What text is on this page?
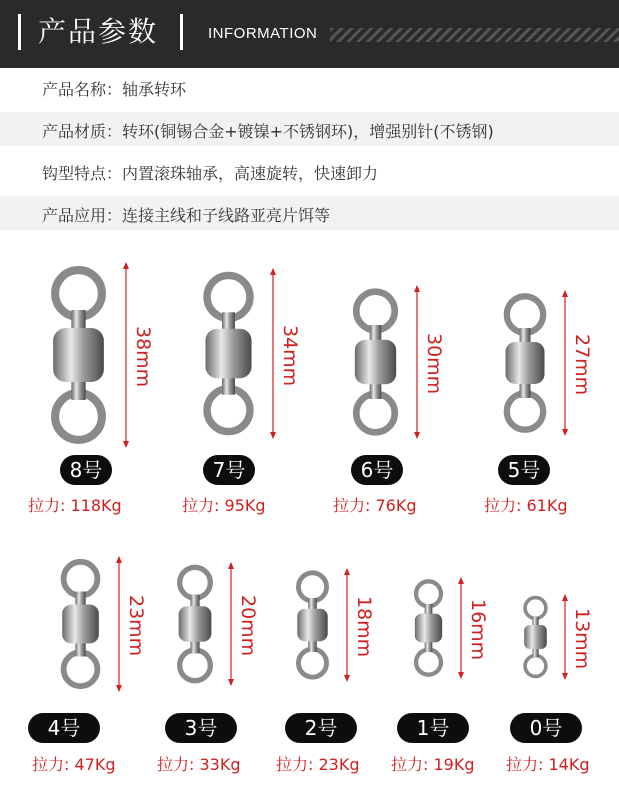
产品参数	INFORMATION
产品名称：轴承转环
产品材质：转环(铜锡合金+镀镍+不锈钢环)，增强别针(不锈钢)
钩型特点：内置滚珠轴承，高速旋转，快速卸力
产品应用：连接主线和子线路亚亮片饵等
38mm
8号
拉力: 118Kg
34mm
7号
拉力: 95Kg
30mm
6号
拉力: 76Kg
27mm
5号
拉力: 61Kg
23mm
4号
拉力: 47Kg
20mm
3号
拉力: 33Kg
18mm
2号
拉力: 23Kg
16mm
1号
拉力: 19Kg
13mm
0号
拉力: 14Kg
